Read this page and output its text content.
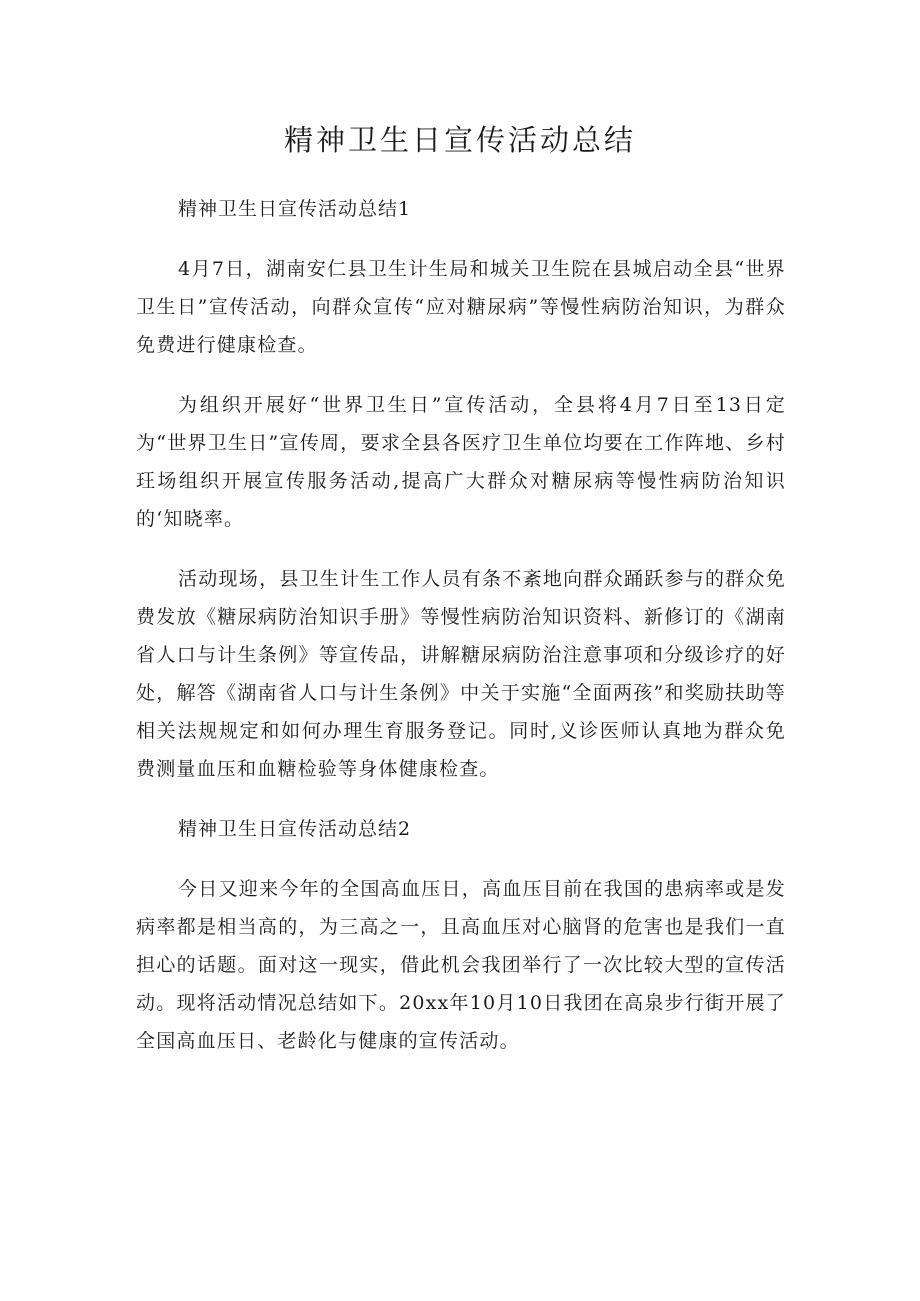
精神卫生日宣传活动总结

精神卫生日宣传活动总结1

4月7日，湖南安仁县卫生计生局和城关卫生院在县城启动全县“世界卫生日”宣传活动，向群众宣传“应对糖尿病”等慢性病防治知识，为群众免费进行健康检查。

为组织开展好“世界卫生日”宣传活动，全县将4月7日至13日定为“世界卫生日”宣传周，要求全县各医疗卫生单位均要在工作阵地、乡村玨场组织开展宣传服务活动,提高广大群众对糖尿病等慢性病防治知识的‘知晓率。

活动现场，县卫生计生工作人员有条不紊地向群众踊跃参与的群众免费发放《糖尿病防治知识手册》等慢性病防治知识资料、新修订的《湖南省人口与计生条例》等宣传品，讲解糖尿病防治注意事项和分级诊疗的好处，解答《湖南省人口与计生条例》中关于实施“全面两孩”和奖励扶助等相关法规规定和如何办理生育服务登记。同时,义诊医师认真地为群众免费测量血压和血糖检验等身体健康检查。

精神卫生日宣传活动总结2

今日又迎来今年的全国高血压日，高血压目前在我国的患病率或是发病率都是相当高的，为三高之一，且高血压对心脑肾的危害也是我们一直担心的话题。面对这一现实，借此机会我团举行了一次比较大型的宣传活动。现将活动情况总结如下。20xx年10月10日我团在高泉步行街开展了全国高血压日、老龄化与健康的宣传活动。
